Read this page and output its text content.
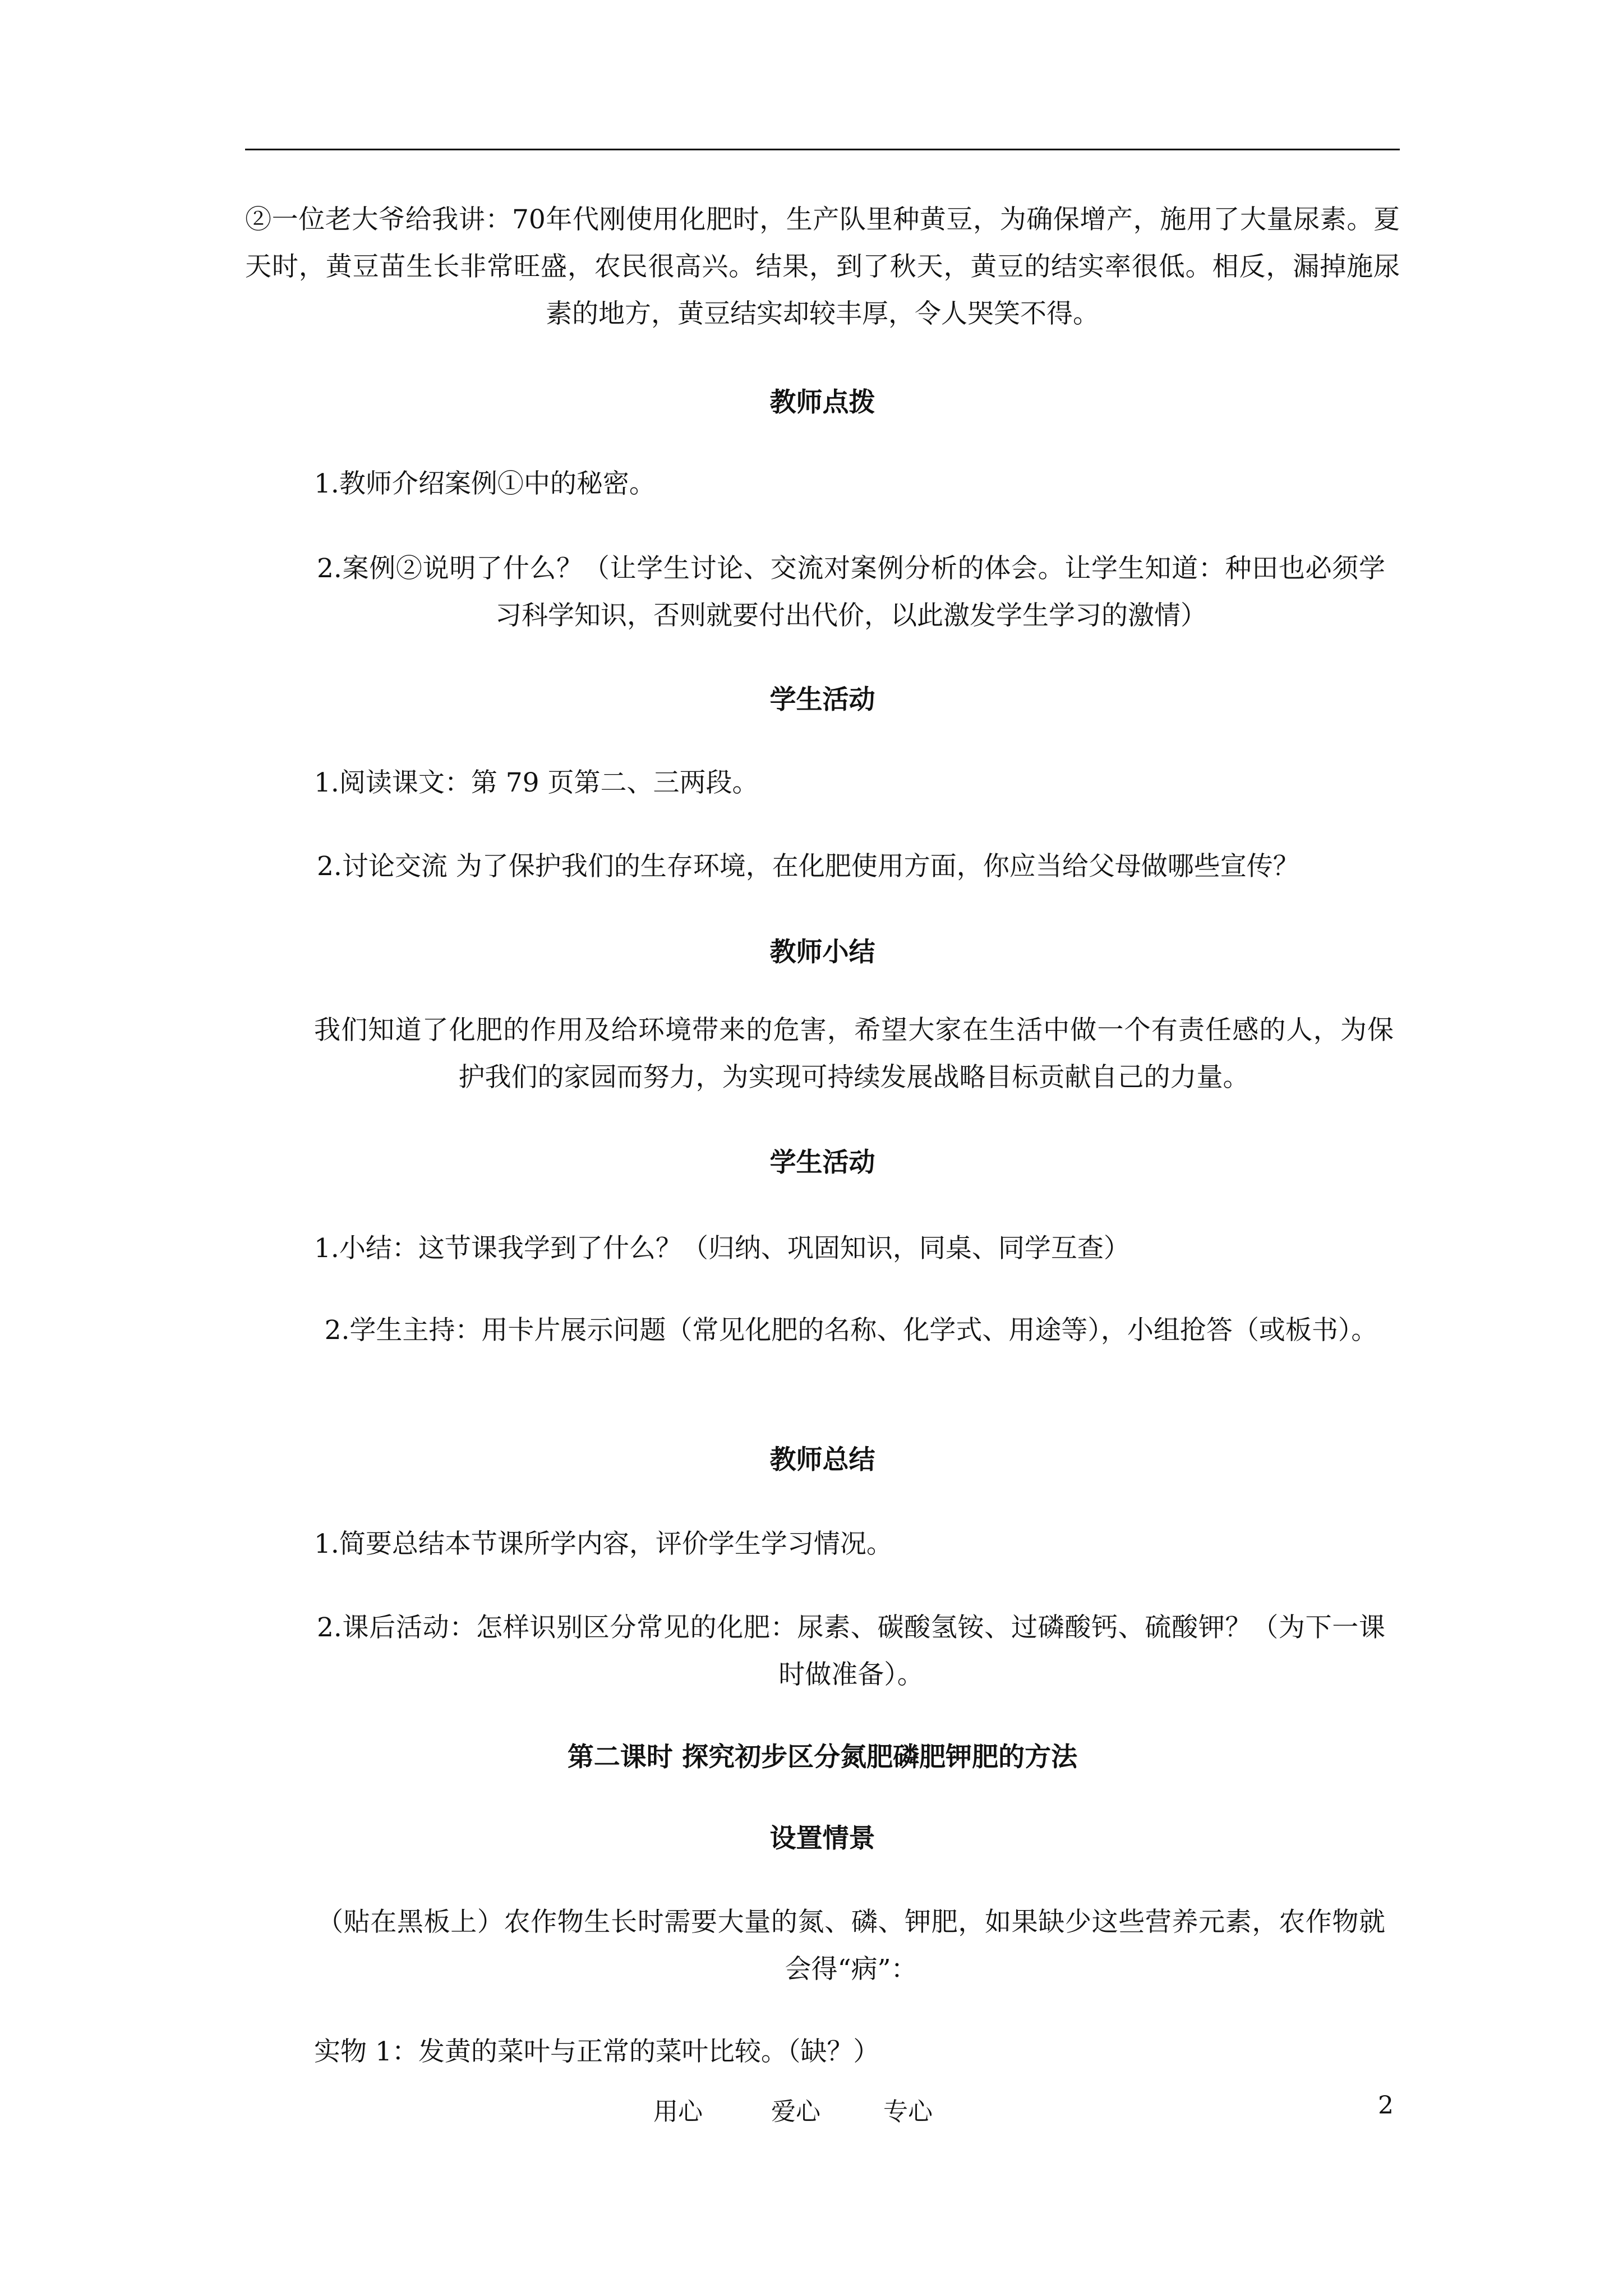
②一位老大爷给我讲：70年代刚使用化肥时，生产队里种黄豆，为确保增产，施用了大量尿素。夏天时，黄豆苗生长非常旺盛，农民很高兴。结果，到了秋天，黄豆的结实率很低。相反，漏掉施尿素的地方，黄豆结实却较丰厚，令人哭笑不得。
教师点拨
1.教师介绍案例①中的秘密。
2.案例②说明了什么？（让学生讨论、交流对案例分析的体会。让学生知道：种田也必须学习科学知识，否则就要付出代价，以此激发学生学习的激情）
学生活动
1.阅读课文：第 79 页第二、三两段。
2.讨论交流 为了保护我们的生存环境，在化肥使用方面，你应当给父母做哪些宣传？
教师小结
我们知道了化肥的作用及给环境带来的危害，希望大家在生活中做一个有责任感的人，为保护我们的家园而努力，为实现可持续发展战略目标贡献自己的力量。
学生活动
1.小结：这节课我学到了什么？（归纳、巩固知识，同桌、同学互查）
2.学生主持：用卡片展示问题（常见化肥的名称、化学式、用途等），小组抢答（或板书）。
教师总结
1.简要总结本节课所学内容，评价学生学习情况。
2.课后活动：怎样识别区分常见的化肥：尿素、碳酸氢铵、过磷酸钙、硫酸钾？（为下一课时做准备）。
第二课时 探究初步区分氮肥磷肥钾肥的方法
设置情景
（贴在黑板上）农作物生长时需要大量的氮、磷、钾肥，如果缺少这些营养元素，农作物就会得“病”：
实物 1：发黄的菜叶与正常的菜叶比较。（缺？）
用心	爱心	专心	2
